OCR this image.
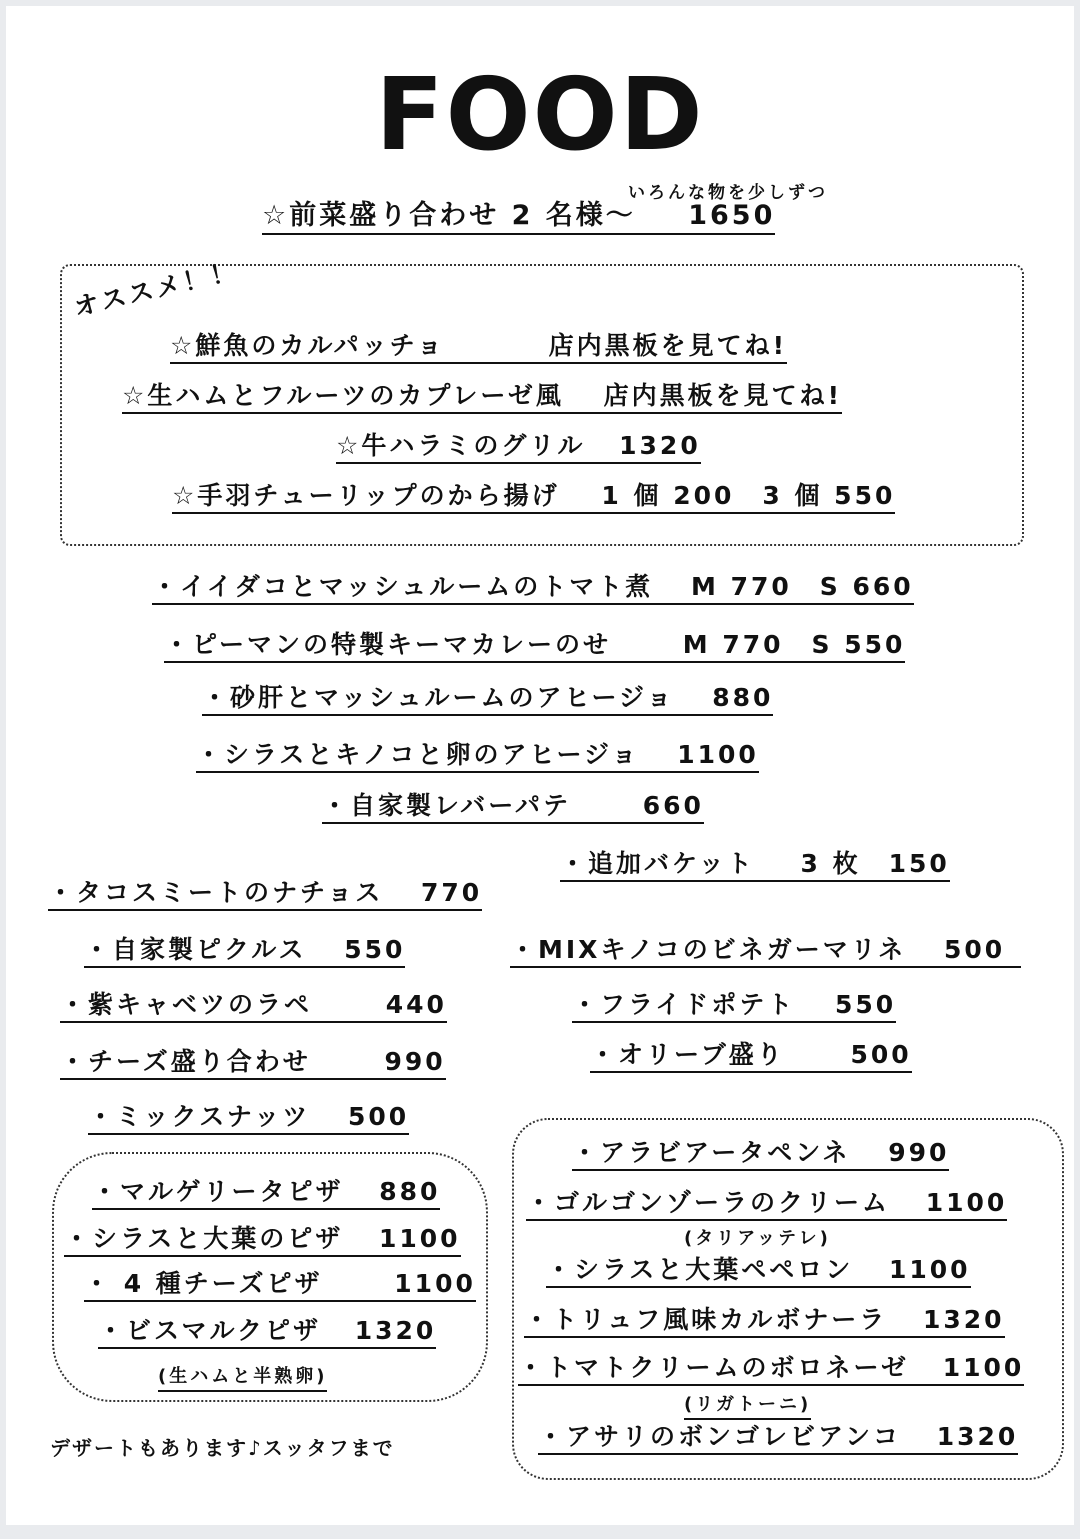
FOOD
いろんな物を少しずつ
☆前菜盛り合わせ 2 名様～ 1650
オススメ！！
☆鮮魚のカルパッチョ	店内黒板を見てね!
☆生ハムとフルーツのカプレーゼ風 店内黒板を見てね!
☆牛ハラミのグリル 1320
☆手羽チューリップのから揚げ 1 個 200　3 個 550
・イイダコとマッシュルームのトマト煮 M 770　S 660
・ピーマンの特製キーマカレーのせ	M 770　S 550
・砂肝とマッシュルームのアヒージョ 880
・シラスとキノコと卵のアヒージョ 1100
・自家製レバーパテ	660
・追加バケット 3 枚　150
・MIXキノコのビネガーマリネ 500
・フライドポテト 550
・オリーブ盛り	500
・タコスミートのナチョス 770
・自家製ピクルス 550
・紫キャベツのラペ	440
・チーズ盛り合わせ	990
・ミックスナッツ 500
・マルゲリータピザ 880
・シラスと大葉のピザ 1100
・ 4 種チーズピザ	1100
・ビスマルクピザ 1320
(生ハムと半熟卵)
・アラビアータペンネ 990
・ゴルゴンゾーラのクリーム 1100
(タリアッテレ)
・シラスと大葉ペペロン 1100
・トリュフ風味カルボナーラ 1320
・トマトクリームのボロネーゼ 1100
(リガトーニ)
・アサリのボンゴレビアンコ 1320
デザートもあります♪スッタフまで
